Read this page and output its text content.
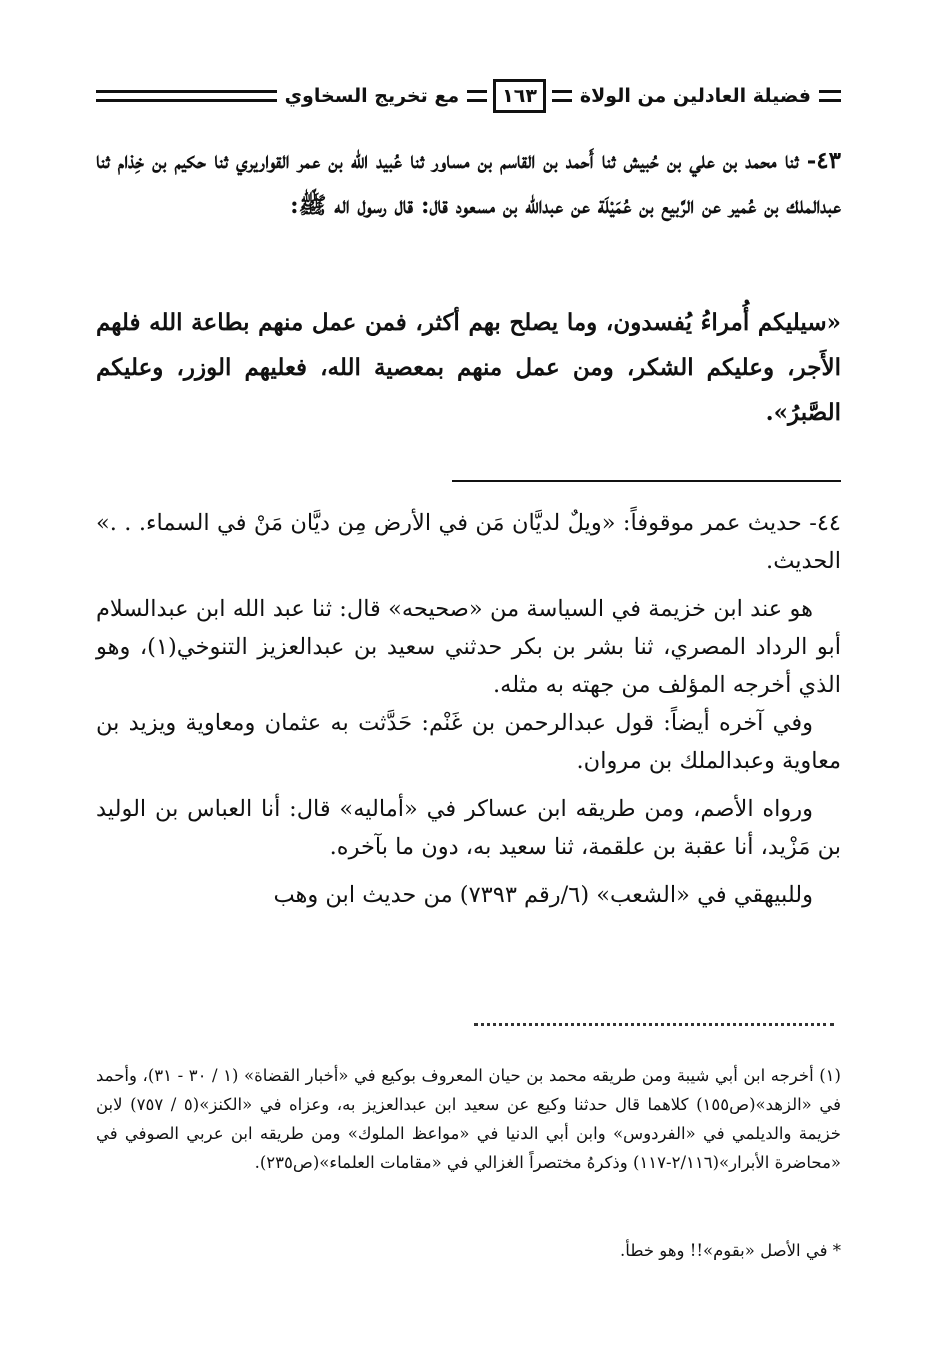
فضيلة العادلين من الولاة
١٦٣
مع تخريج السخاوي

٤٣- ثنا محمد بن علي بن حُبيش ثنا أَحمد بن القاسم بن مساور ثنا عُبيد الله بن عمر القواريري ثنا حكيم بن خِذام ثنا عبدالملك بن عُمير عن الرَّبيع بن عُمَيْلَة عن عبدالله بن مسعود قال: قال رسول اله ﷺ:

«سيليكم أُمراءُ يُفسدون، وما يصلح بهم أكثر، فمن عمل منهم بطاعة الله فلهم الأَجر، وعليكم الشكر، ومن عمل منهم بمعصية الله، فعليهم الوزر، وعليكم الصَّبرُ».

٤٤- حديث عمر موقوفاً: «ويلٌ لديَّان مَن في الأرض مِن ديَّان مَنْ في السماء. . .» الحديث.

هو عند ابن خزيمة في السياسة من «صحيحه» قال: ثنا عبد الله ابن عبدالسلام أبو الرداد المصري، ثنا بشر بن بكر حدثني سعيد بن عبدالعزيز التنوخي(١)، وهو الذي أخرجه المؤلف من جهته به مثله.

وفي آخره أيضاً: قول عبدالرحمن بن غَنْم: حَدَّثت به عثمان ومعاوية ويزيد بن معاوية وعبدالملك بن مروان.

ورواه الأصم، ومن طريقه ابن عساكر في «أماليه» قال: أنا العباس بن الوليد بن مَزْيد، أنا عقبة بن علقمة، ثنا سعيد به، دون ما بآخره.

وللبيهقي في «الشعب» (٦/رقم ٧٣٩٣) من حديث ابن وهب

(١) أخرجه ابن أبي شيبة ومن طريقه محمد بن حيان المعروف بوكيع في «أخبار القضاة» (١ / ٣٠ - ٣١)، وأحمد في «الزهد»(ص١٥٥) كلاهما قال حدثنا وكيع عن سعيد ابن عبدالعزيز به، وعزاه في «الكنز»(٥ / ٧٥٧) لابن خزيمة والديلمي في «الفردوس» وابن أبي الدنيا في «مواعظ الملوك» ومن طريقه ابن عربي الصوفي في «محاضرة الأبرار»(٢/١١٦-١١٧) وذكرهُ مختصراً الغزالي في «مقامات العلماء»(ص٢٣٥).

* في الأصل «بقوم»!! وهو خطأ.
